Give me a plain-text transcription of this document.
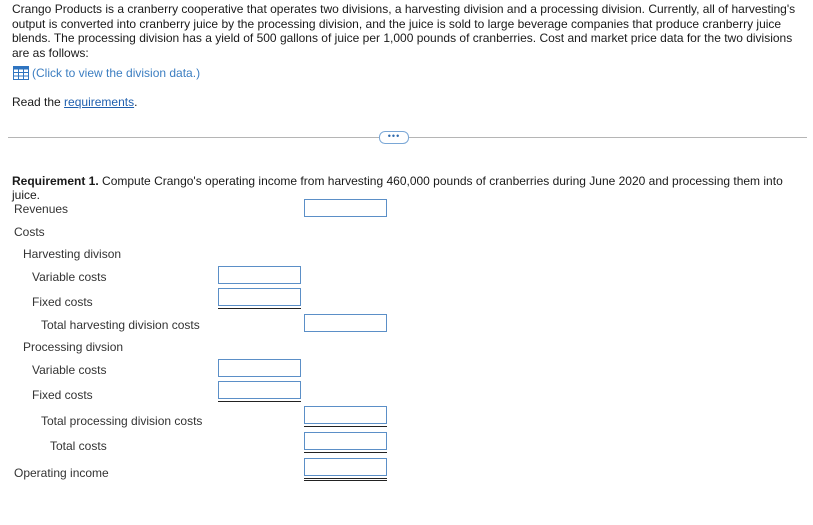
Crango Products is a cranberry cooperative that operates two divisions, a harvesting division and a processing division. Currently, all of harvesting's output is converted into cranberry juice by the processing division, and the juice is sold to large beverage companies that produce cranberry juice blends. The processing division has a yield of 500 gallons of juice per 1,000 pounds of cranberries. Cost and market price data for the two divisions are as follows:

(Click to view the division data.)
Read the requirements.
•••
Requirement 1. Compute Crango's operating income from harvesting 460,000 pounds of cranberries during June 2020 and processing them into juice.
Revenues
Costs
Harvesting divison
Variable costs
Fixed costs
Total harvesting division costs
Processing divsion
Variable costs
Fixed costs
Total processing division costs
Total costs
Operating income
